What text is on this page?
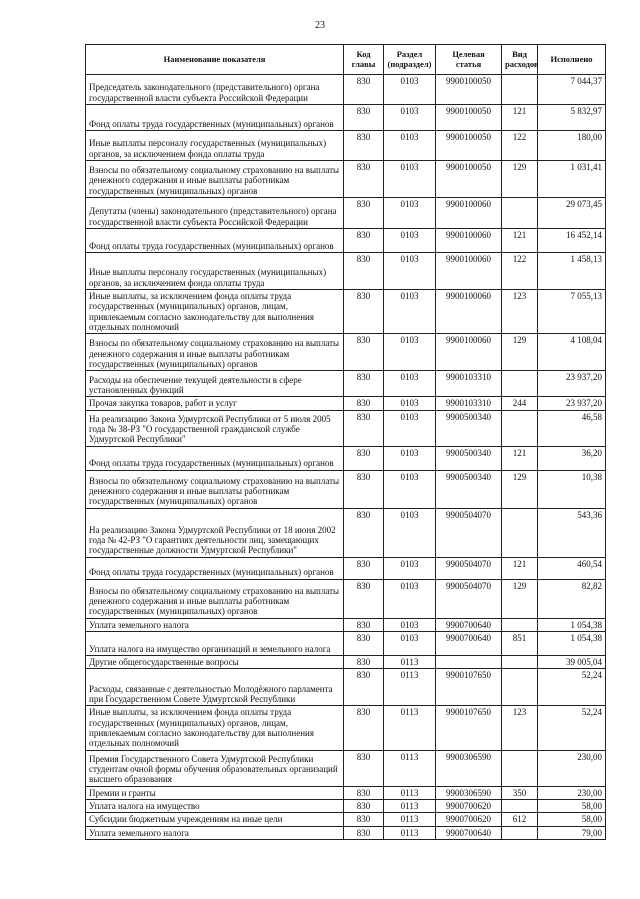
23
Наименование показателя	Код главы	Раздел (подраздел)	Целевая статья	Вид расходов	Исполнено
Председатель законодательного (представительного) органа государственной власти субъекта Российской Федерации	830	0103	9900100050		7 044,37
Фонд оплаты труда государственных (муниципальных) органов	830	0103	9900100050	121	5 832,97
Иные выплаты персоналу государственных (муниципальных) органов, за исключением фонда оплаты труда	830	0103	9900100050	122	180,00
Взносы по обязательному социальному страхованию на выплаты денежного содержания и иные выплаты работникам государственных (муниципальных) органов	830	0103	9900100050	129	1 031,41
Депутаты (члены) законодательного (представительного) органа государственной власти субъекта Российской Федерации	830	0103	9900100060		29 073,45
Фонд оплаты труда государственных (муниципальных) органов	830	0103	9900100060	121	16 452,14
Иные выплаты персоналу государственных (муниципальных) органов, за исключением фонда оплаты труда	830	0103	9900100060	122	1 458,13
Иные выплаты, за исключением фонда оплаты труда государственных (муниципальных) органов, лицам, привлекаемым согласно законодательству для выполнения отдельных полномочий	830	0103	9900100060	123	7 055,13
Взносы по обязательному социальному страхованию на выплаты денежного содержания и иные выплаты работникам государственных (муниципальных) органов	830	0103	9900100060	129	4 108,04
Расходы на обеспечение текущей деятельности в сфере установленных функций	830	0103	9900103310		23 937,20
Прочая закупка товаров, работ и услуг	830	0103	9900103310	244	23 937,20
На реализацию Закона Удмуртской Республики от 5 июля 2005 года № 38-РЗ "О государственной гражданской службе Удмуртской Республики"	830	0103	9900500340		46,58
Фонд оплаты труда государственных (муниципальных) органов	830	0103	9900500340	121	36,20
Взносы по обязательному социальному страхованию на выплаты денежного содержания и иные выплаты работникам государственных (муниципальных) органов	830	0103	9900500340	129	10,38
На реализацию Закона Удмуртской Республики от 18 июня 2002 года № 42-РЗ "О гарантиях деятельности лиц, замещающих государственные должности Удмуртской Республики"	830	0103	9900504070		543,36
Фонд оплаты труда государственных (муниципальных) органов	830	0103	9900504070	121	460,54
Взносы по обязательному социальному страхованию на выплаты денежного содержания и иные выплаты работникам государственных (муниципальных) органов	830	0103	9900504070	129	82,82
Уплата земельного налога	830	0103	9900700640		1 054,38
Уплата налога на имущество организаций и земельного налога	830	0103	9900700640	851	1 054,38
Другие общегосударственные вопросы	830	0113			39 005,04
Расходы, связанные с деятельностью Молодёжного парламента при Государственном Совете Удмуртской Республики	830	0113	9900107650		52,24
Иные выплаты, за исключением фонда оплаты труда государственных (муниципальных) органов, лицам, привлекаемым согласно законодательству для выполнения отдельных полномочий	830	0113	9900107650	123	52,24
Премия Государственного Совета Удмуртской Республики студентам очной формы обучения образовательных организаций высшего образования	830	0113	9900306590		230,00
Премии и гранты	830	0113	9900306590	350	230,00
Уплата налога на имущество	830	0113	9900700620		58,00
Субсидии бюджетным учреждениям на иные цели	830	0113	9900700620	612	58,00
Уплата земельного налога	830	0113	9900700640		79,00
